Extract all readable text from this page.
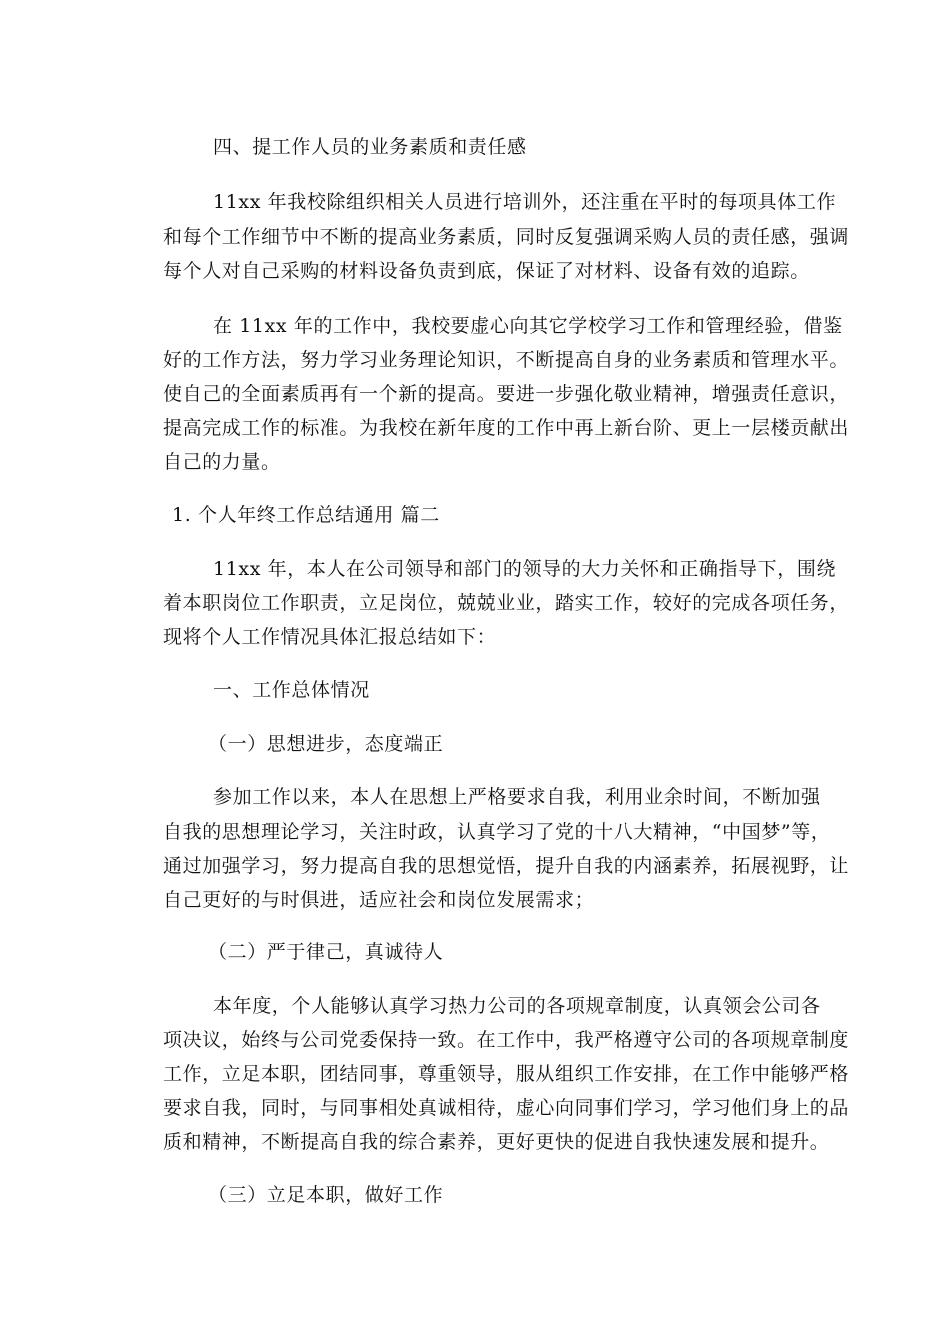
四、提工作人员的业务素质和责任感
11xx 年我校除组织相关人员进行培训外，还注重在平时的每项具体工作
和每个工作细节中不断的提高业务素质，同时反复强调采购人员的责任感，强调
每个人对自己采购的材料设备负责到底，保证了对材料、设备有效的追踪。
在 11xx 年的工作中，我校要虚心向其它学校学习工作和管理经验，借鉴
好的工作方法，努力学习业务理论知识，不断提高自身的业务素质和管理水平。
使自己的全面素质再有一个新的提高。要进一步强化敬业精神，增强责任意识，
提高完成工作的标准。为我校在新年度的工作中再上新台阶、更上一层楼贡献出
自己的力量。
1. 个人年终工作总结通用 篇二
11xx 年，本人在公司领导和部门的领导的大力关怀和正确指导下，围绕
着本职岗位工作职责，立足岗位，兢兢业业，踏实工作，较好的完成各项任务，
现将个人工作情况具体汇报总结如下：
一、工作总体情况
（一）思想进步，态度端正
参加工作以来，本人在思想上严格要求自我，利用业余时间，不断加强
自我的思想理论学习，关注时政，认真学习了党的十八大精神，“中国梦”等，
通过加强学习，努力提高自我的思想觉悟，提升自我的内涵素养，拓展视野，让
自己更好的与时俱进，适应社会和岗位发展需求；
（二）严于律己，真诚待人
本年度，个人能够认真学习热力公司的各项规章制度，认真领会公司各
项决议，始终与公司党委保持一致。在工作中，我严格遵守公司的各项规章制度
工作，立足本职，团结同事，尊重领导，服从组织工作安排，在工作中能够严格
要求自我，同时，与同事相处真诚相待，虚心向同事们学习，学习他们身上的品
质和精神，不断提高自我的综合素养，更好更快的促进自我快速发展和提升。
（三）立足本职，做好工作
